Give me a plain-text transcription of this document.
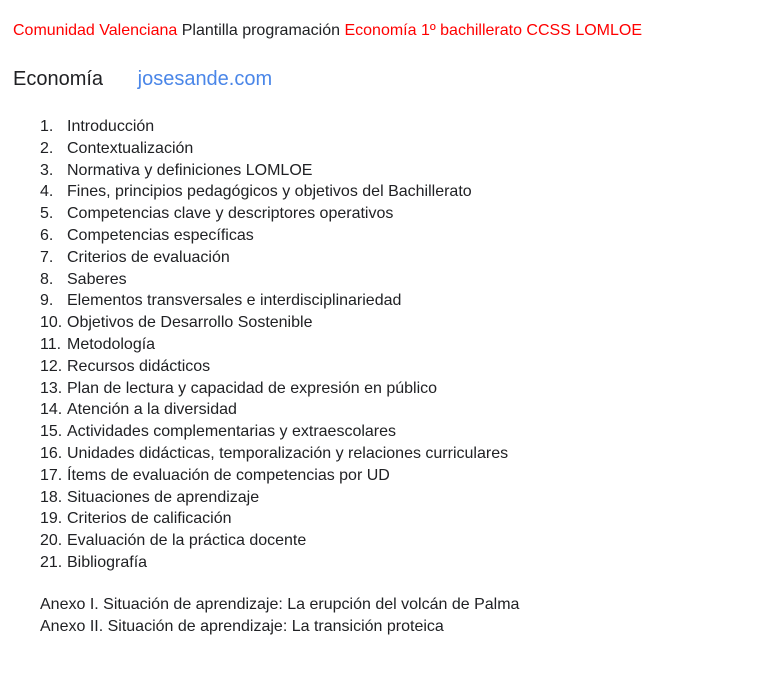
Comunidad Valenciana Plantilla programación Economía 1º bachillerato CCSS LOMLOE
Economía josesande.com
1. Introducción
2. Contextualización
3. Normativa y definiciones LOMLOE
4. Fines, principios pedagógicos y objetivos del Bachillerato
5. Competencias clave y descriptores operativos
6. Competencias específicas
7. Criterios de evaluación
8. Saberes
9. Elementos transversales e interdisciplinariedad
10. Objetivos de Desarrollo Sostenible
11. Metodología
12. Recursos didácticos
13. Plan de lectura y capacidad de expresión en público
14. Atención a la diversidad
15. Actividades complementarias y extraescolares
16. Unidades didácticas, temporalización y relaciones curriculares
17. Ítems de evaluación de competencias por UD
18. Situaciones de aprendizaje
19. Criterios de calificación
20. Evaluación de la práctica docente
21. Bibliografía
Anexo I. Situación de aprendizaje: La erupción del volcán de Palma
Anexo II. Situación de aprendizaje: La transición proteica
